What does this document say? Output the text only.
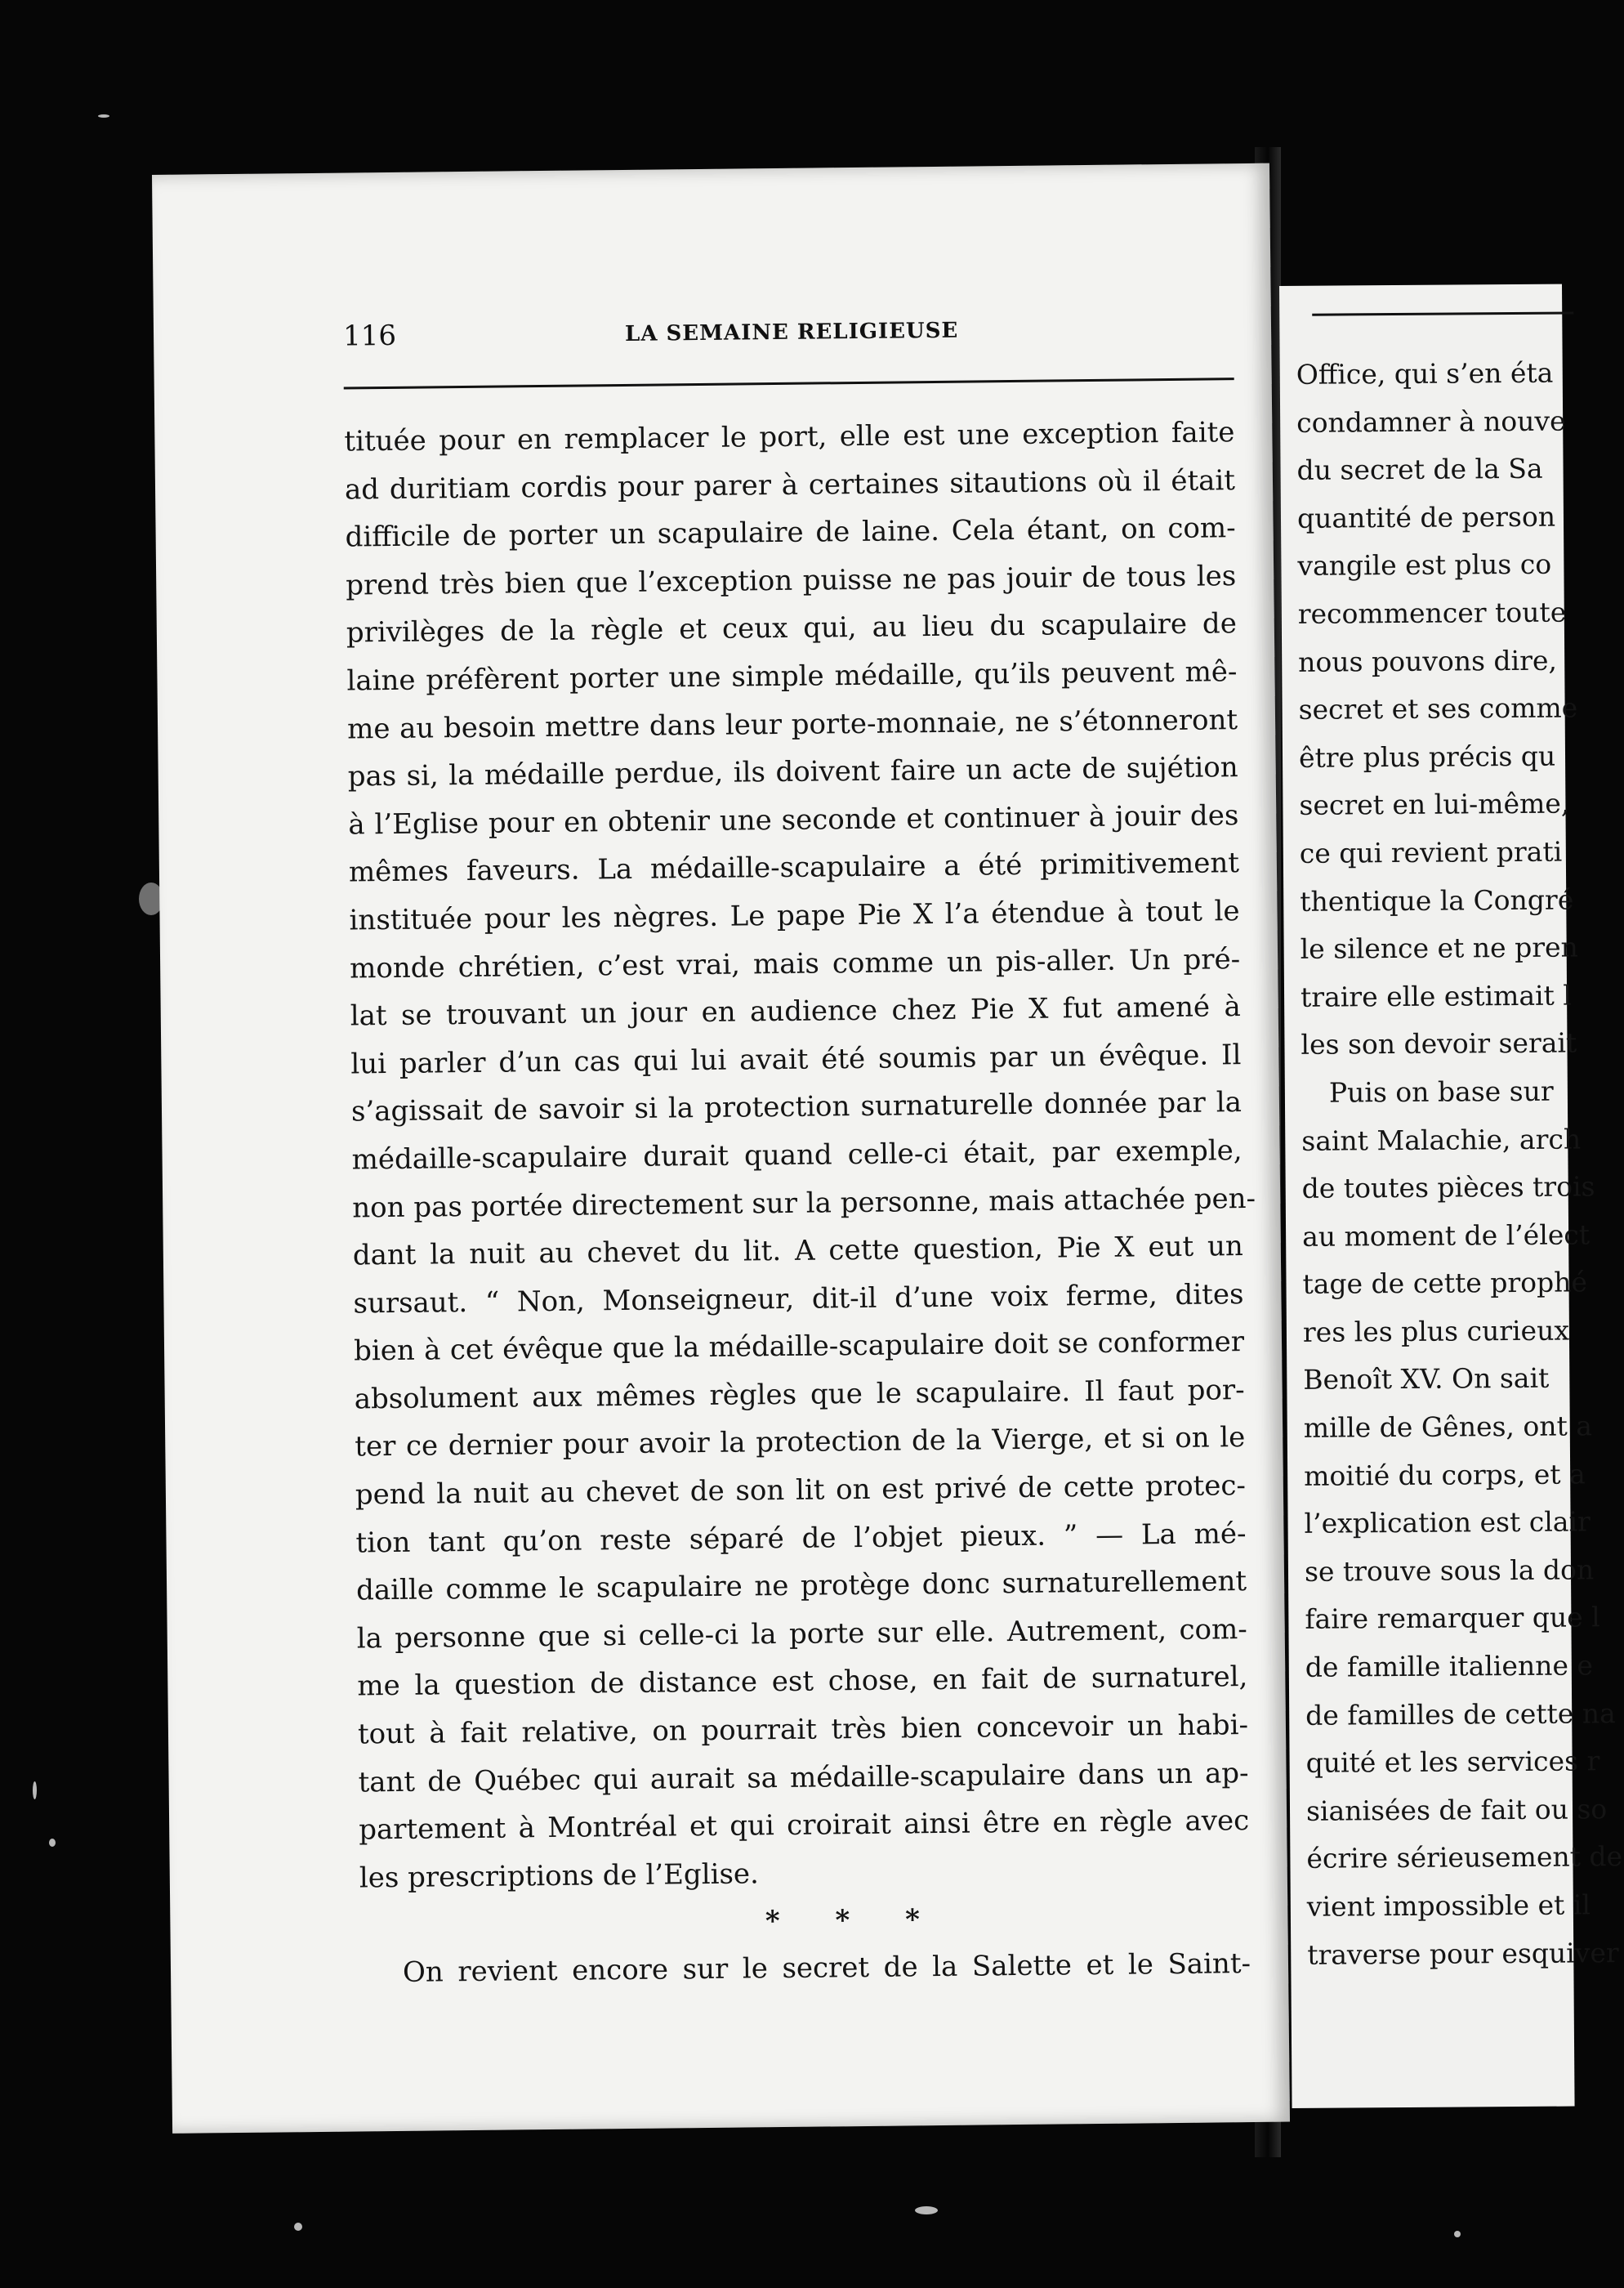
116	LA SEMAINE RELIGIEUSE
tituée pour en remplacer le port, elle est une exception faite
ad duritiam cordis pour parer à certaines sitautions où il était
difficile de porter un scapulaire de laine. Cela étant, on com-
prend très bien que l’exception puisse ne pas jouir de tous les
privilèges de la règle et ceux qui, au lieu du scapulaire de
laine préfèrent porter une simple médaille, qu’ils peuvent mê-
me au besoin mettre dans leur porte-monnaie, ne s’étonneront
pas si, la médaille perdue, ils doivent faire un acte de sujétion
à l’Eglise pour en obtenir une seconde et continuer à jouir des
mêmes faveurs. La médaille-scapulaire a été primitivement
instituée pour les nègres. Le pape Pie X l’a étendue à tout le
monde chrétien, c’est vrai, mais comme un pis-aller. Un pré-
lat se trouvant un jour en audience chez Pie X fut amené à
lui parler d’un cas qui lui avait été soumis par un évêque. Il
s’agissait de savoir si la protection surnaturelle donnée par la
médaille-scapulaire durait quand celle-ci était, par exemple,
non pas portée directement sur la personne, mais attachée pen-
dant la nuit au chevet du lit. A cette question, Pie X eut un
sursaut. “ Non, Monseigneur, dit-il d’une voix ferme, dites
bien à cet évêque que la médaille-scapulaire doit se conformer
absolument aux mêmes règles que le scapulaire. Il faut por-
ter ce dernier pour avoir la protection de la Vierge, et si on le
pend la nuit au chevet de son lit on est privé de cette protec-
tion tant qu’on reste séparé de l’objet pieux. ” — La mé-
daille comme le scapulaire ne protège donc surnaturellement
la personne que si celle-ci la porte sur elle. Autrement, com-
me la question de distance est chose, en fait de surnaturel,
tout à fait relative, on pourrait très bien concevoir un habi-
tant de Québec qui aurait sa médaille-scapulaire dans un ap-
partement à Montréal et qui croirait ainsi être en règle avec
les prescriptions de l’Eglise.
* * *
On revient encore sur le secret de la Salette et le Saint-
Office, qui s’en éta
condamner à nouve
du secret de la Sa
quantité de person
vangile est plus co
recommencer toute
nous pouvons dire,
secret et ses comme
être plus précis qu
secret en lui-même,
ce qui revient prati
thentique la Congré
le silence et ne pren
traire elle estimait l
les son devoir serait
Puis on base sur
saint Malachie, arch
de toutes pièces trois
au moment de l’élect
tage de cette prophé
res les plus curieux
Benoît XV. On sait
mille de Gênes, ont a
moitié du corps, et a
l’explication est clair
se trouve sous la don
faire remarquer que l
de famille italienne e
de familles de cette na
quité et les services r
sianisées de fait ou so
écrire sérieusement de
vient impossible et il
traverse pour esquiver
